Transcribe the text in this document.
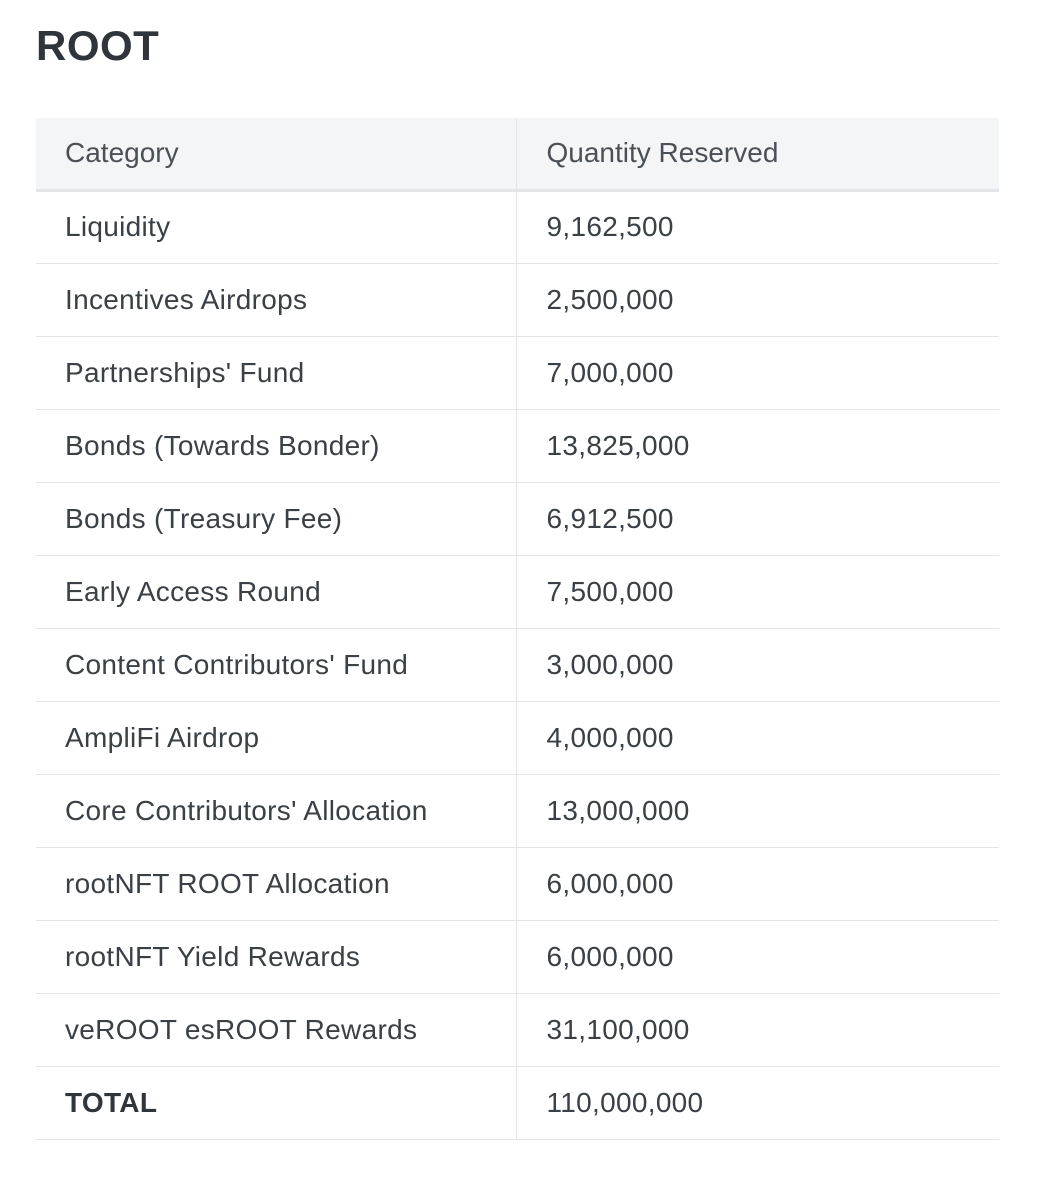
ROOT
Category	Quantity Reserved
Liquidity	9,162,500
Incentives Airdrops	2,500,000
Partnerships' Fund	7,000,000
Bonds (Towards Bonder)	13,825,000
Bonds (Treasury Fee)	6,912,500
Early Access Round	7,500,000
Content Contributors' Fund	3,000,000
AmpliFi Airdrop	4,000,000
Core Contributors' Allocation	13,000,000
rootNFT ROOT Allocation	6,000,000
rootNFT Yield Rewards	6,000,000
veROOT esROOT Rewards	31,100,000
TOTAL	110,000,000
